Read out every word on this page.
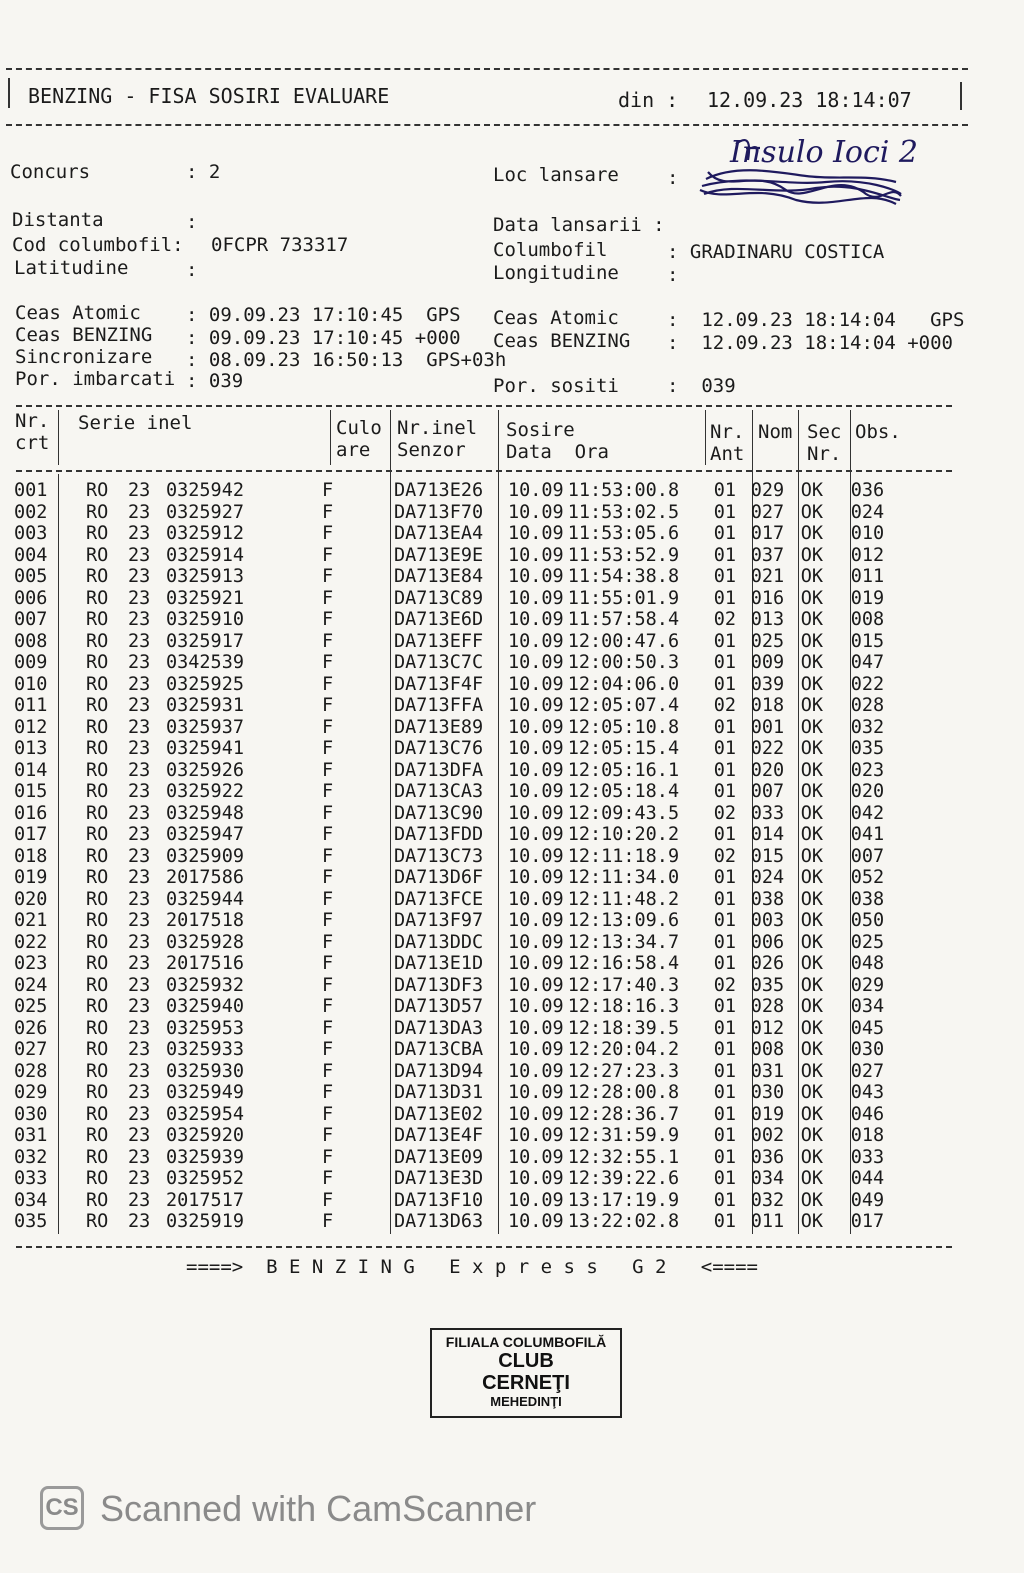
BENZING - FISA SOSIRI EVALUARE	din : 12.09.23 18:14:07
Concurs	: 2	Loc lansare	:
Insulo Ioci 2
Distanta	:
Cod columbofil: 0FCPR 733317
Latitudine	:
Data lansarii :
Columbofil	: GRADINARU COSTICA
Longitudine	:
Ceas Atomic : 09.09.23 17:10:45  GPS
Ceas BENZING : 09.09.23 17:10:45 +000
Sincronizare : 08.09.23 16:50:13  GPS+03h
Por. imbarcati : 039
Ceas Atomic	:  12.09.23 18:14:04   GPS
Ceas BENZING :  12.09.23 18:14:04 +000
Por. sositi	:  039
Nr.
crt
Serie inel	Culo
are
Nr.inel
Senzor
Sosire
Data  Ora
Nr.
Ant
Nom Sec
Nr.
Obs.
001	RO	23	0325942	F	DA713E26	10.09	11:53:00.8	01	029	OK	036
002	RO	23	0325927	F	DA713F70	10.09	11:53:02.5	01	027	OK	024
003	RO	23	0325912	F	DA713EA4	10.09	11:53:05.6	01	017	OK	010
004	RO	23	0325914	F	DA713E9E	10.09	11:53:52.9	01	037	OK	012
005	RO	23	0325913	F	DA713E84	10.09	11:54:38.8	01	021	OK	011
006	RO	23	0325921	F	DA713C89	10.09	11:55:01.9	01	016	OK	019
007	RO	23	0325910	F	DA713E6D	10.09	11:57:58.4	02	013	OK	008
008	RO	23	0325917	F	DA713EFF	10.09	12:00:47.6	01	025	OK	015
009	RO	23	0342539	F	DA713C7C	10.09	12:00:50.3	01	009	OK	047
010	RO	23	0325925	F	DA713F4F	10.09	12:04:06.0	01	039	OK	022
011	RO	23	0325931	F	DA713FFA	10.09	12:05:07.4	02	018	OK	028
012	RO	23	0325937	F	DA713E89	10.09	12:05:10.8	01	001	OK	032
013	RO	23	0325941	F	DA713C76	10.09	12:05:15.4	01	022	OK	035
014	RO	23	0325926	F	DA713DFA	10.09	12:05:16.1	01	020	OK	023
015	RO	23	0325922	F	DA713CA3	10.09	12:05:18.4	01	007	OK	020
016	RO	23	0325948	F	DA713C90	10.09	12:09:43.5	02	033	OK	042
017	RO	23	0325947	F	DA713FDD	10.09	12:10:20.2	01	014	OK	041
018	RO	23	0325909	F	DA713C73	10.09	12:11:18.9	02	015	OK	007
019	RO	23	2017586	F	DA713D6F	10.09	12:11:34.0	01	024	OK	052
020	RO	23	0325944	F	DA713FCE	10.09	12:11:48.2	01	038	OK	038
021	RO	23	2017518	F	DA713F97	10.09	12:13:09.6	01	003	OK	050
022	RO	23	0325928	F	DA713DDC	10.09	12:13:34.7	01	006	OK	025
023	RO	23	2017516	F	DA713E1D	10.09	12:16:58.4	01	026	OK	048
024	RO	23	0325932	F	DA713DF3	10.09	12:17:40.3	02	035	OK	029
025	RO	23	0325940	F	DA713D57	10.09	12:18:16.3	01	028	OK	034
026	RO	23	0325953	F	DA713DA3	10.09	12:18:39.5	01	012	OK	045
027	RO	23	0325933	F	DA713CBA	10.09	12:20:04.2	01	008	OK	030
028	RO	23	0325930	F	DA713D94	10.09	12:27:23.3	01	031	OK	027
029	RO	23	0325949	F	DA713D31	10.09	12:28:00.8	01	030	OK	043
030	RO	23	0325954	F	DA713E02	10.09	12:28:36.7	01	019	OK	046
031	RO	23	0325920	F	DA713E4F	10.09	12:31:59.9	01	002	OK	018
032	RO	23	0325939	F	DA713E09	10.09	12:32:55.1	01	036	OK	033
033	RO	23	0325952	F	DA713E3D	10.09	12:39:22.6	01	034	OK	044
034	RO	23	2017517	F	DA713F10	10.09	13:17:19.9	01	032	OK	049
035	RO	23	0325919	F	DA713D63	10.09	13:22:02.8	01	011	OK	017
====>  B E N Z I N G   E x p r e s s   G 2   <====
FILIALA COLUMBOFILĂ
CLUB
CERNEŢI
MEHEDINŢI
CS Scanned with CamScanner
